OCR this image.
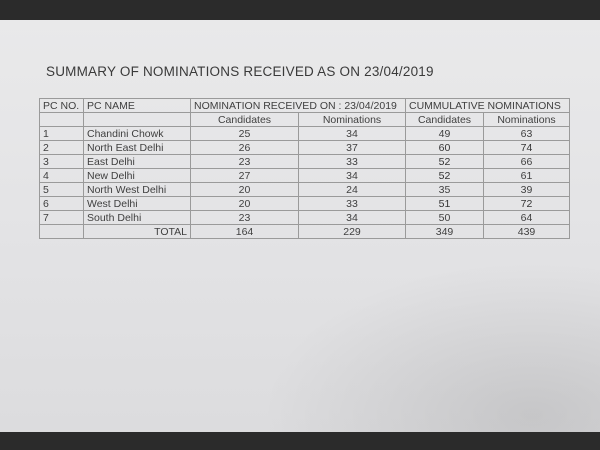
SUMMARY OF NOMINATIONS RECEIVED AS ON 23/04/2019
PC NO.	PC NAME	NOMINATION RECEIVED ON : 23/04/2019		CUMMULATIVE NOMINATIONS	
		Candidates	Nominations	Candidates	Nominations
1	Chandini Chowk	25	34	49	63
2	North East Delhi	26	37	60	74
3	East Delhi	23	33	52	66
4	New Delhi	27	34	52	61
5	North West Delhi	20	24	35	39
6	West Delhi	20	33	51	72
7	South Delhi	23	34	50	64
	TOTAL	164	229	349	439
